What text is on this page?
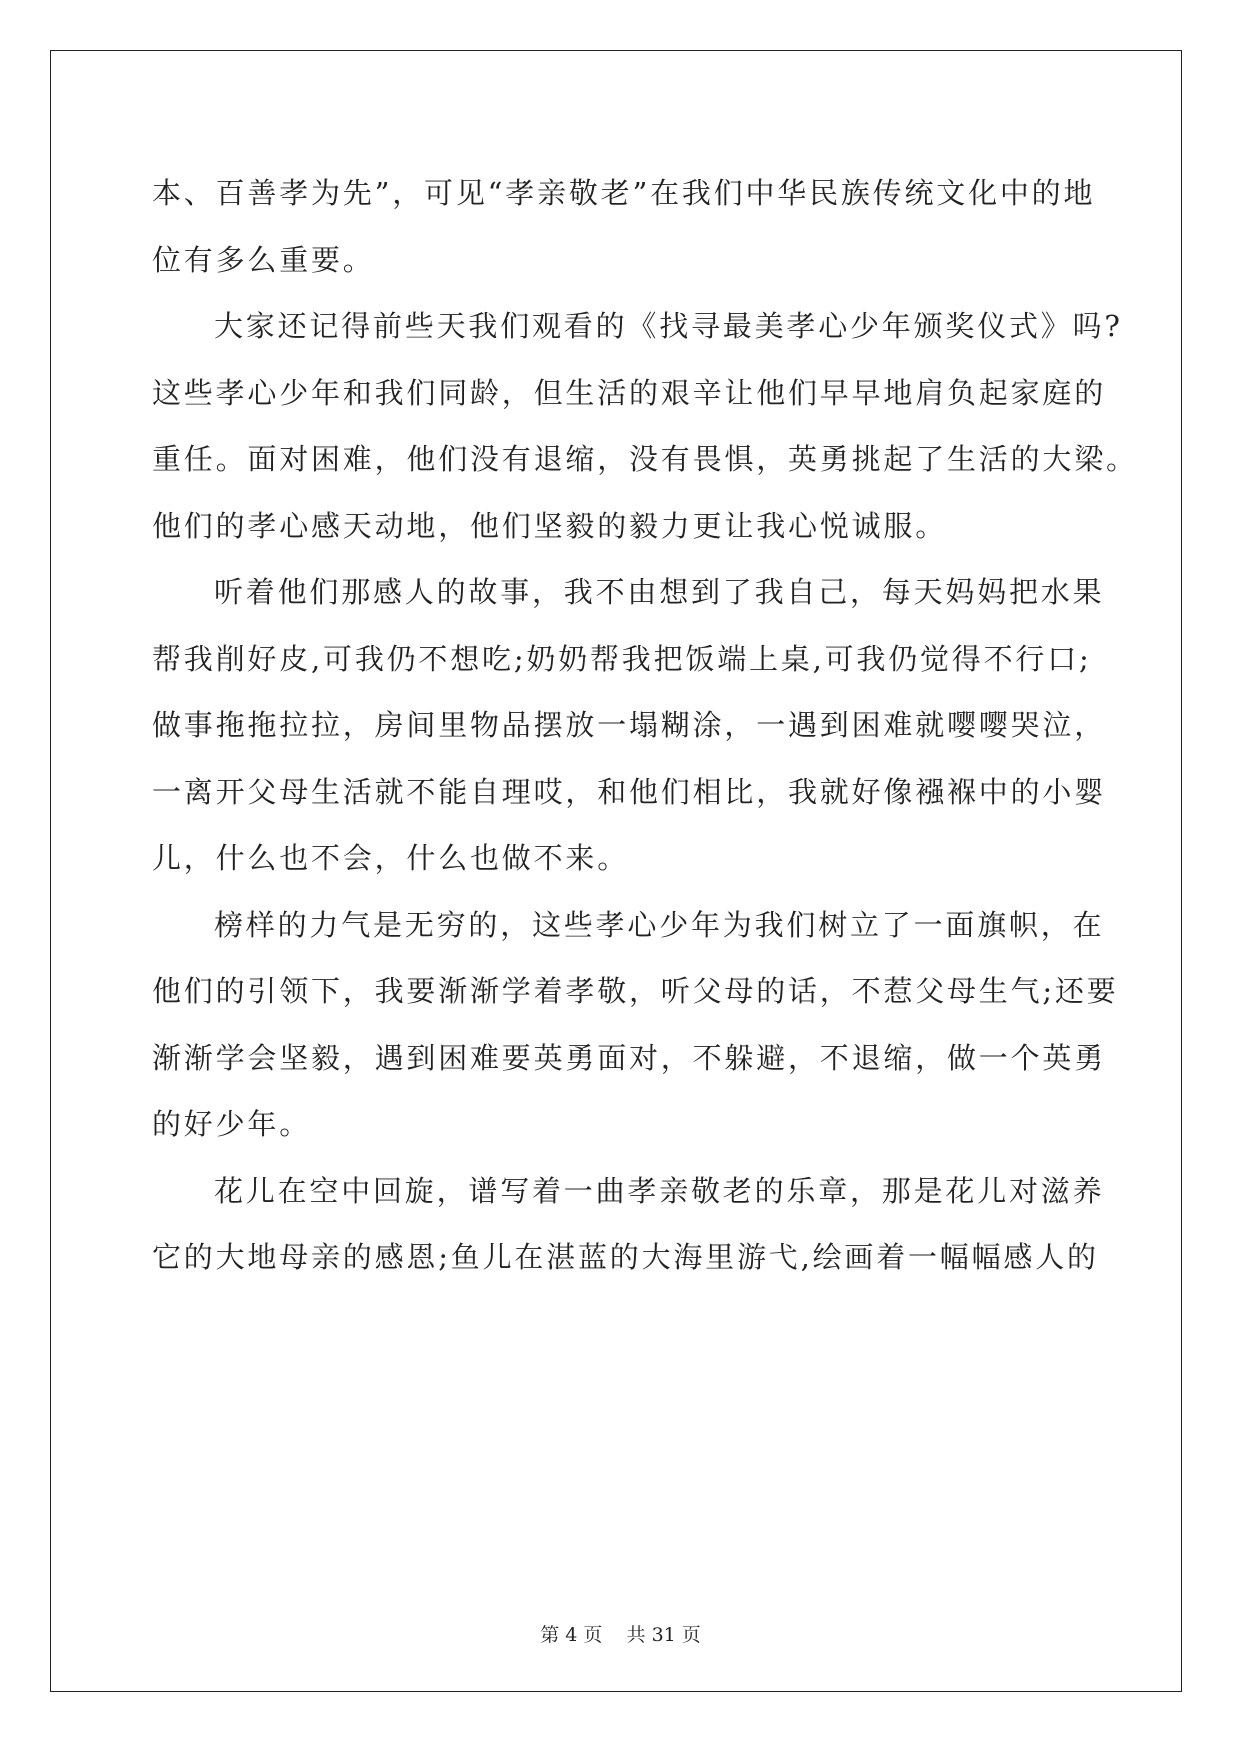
本、百善孝为先”，可见“孝亲敬老”在我们中华民族传统文化中的地
位有多么重要。
大家还记得前些天我们观看的《找寻最美孝心少年颁奖仪式》吗?
这些孝心少年和我们同龄，但生活的艰辛让他们早早地肩负起家庭的
重任。面对困难，他们没有退缩，没有畏惧，英勇挑起了生活的大梁。
他们的孝心感天动地，他们坚毅的毅力更让我心悦诚服。
听着他们那感人的故事，我不由想到了我自己，每天妈妈把水果
帮我削好皮,可我仍不想吃;奶奶帮我把饭端上桌,可我仍觉得不行口;
做事拖拖拉拉，房间里物品摆放一塌糊涂，一遇到困难就嘤嘤哭泣，
一离开父母生活就不能自理哎，和他们相比，我就好像襁褓中的小婴
儿，什么也不会，什么也做不来。
榜样的力气是无穷的，这些孝心少年为我们树立了一面旗帜，在
他们的引领下，我要渐渐学着孝敬，听父母的话，不惹父母生气;还要
渐渐学会坚毅，遇到困难要英勇面对，不躲避，不退缩，做一个英勇
的好少年。
花儿在空中回旋，谱写着一曲孝亲敬老的乐章，那是花儿对滋养
它的大地母亲的感恩;鱼儿在湛蓝的大海里游弋,绘画着一幅幅感人的
第 4 页    共 31 页
